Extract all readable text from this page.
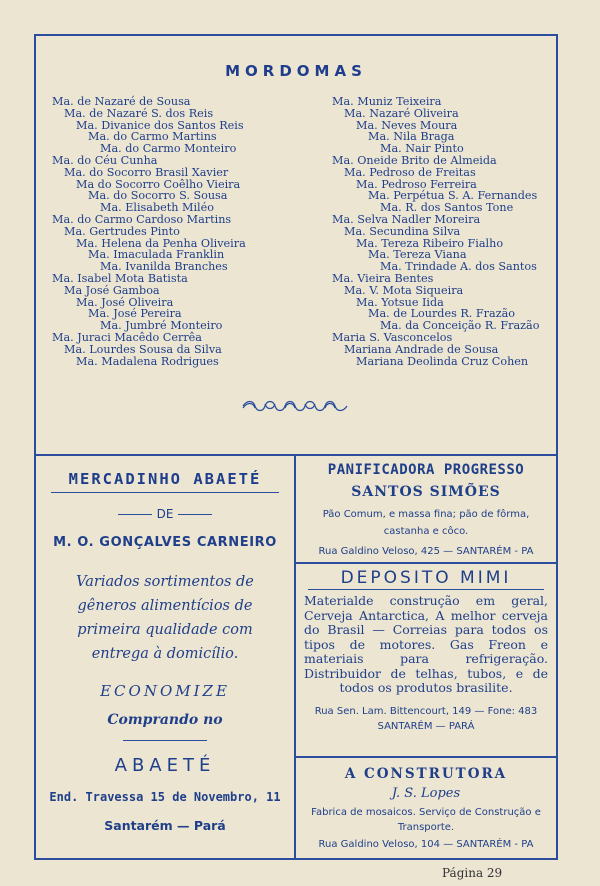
MORDOMAS
Ma. de Nazaré de Sousa
Ma. de Nazaré S. dos Reis
Ma. Divanice dos Santos Reis
Ma. do Carmo Martins
Ma. do Carmo Monteiro
Ma. do Céu Cunha
Ma. do Socorro Brasil Xavier
Ma do Socorro Coêlho Vieira
Ma. do Socorro S. Sousa
Ma. Elisabeth Miléo
Ma. do Carmo Cardoso Martins
Ma. Gertrudes Pinto
Ma. Helena da Penha Oliveira
Ma. Imaculada Franklin
Ma. Ivanilda Branches
Ma. Isabel Mota Batista
Ma José Gamboa
Ma. José Oliveira
Ma. José Pereira
Ma. Jumbré Monteiro
Ma. Juraci Macêdo Cerrêa
Ma. Lourdes Sousa da Silva
Ma. Madalena Rodrigues
Ma. Muniz Teixeira
Ma. Nazaré Oliveira
Ma. Neves Moura
Ma. Nila Braga
Ma. Nair Pinto
Ma. Oneide Brito de Almeida
Ma. Pedroso de Freitas
Ma. Pedroso Ferreira
Ma. Perpétua S. A. Fernandes
Ma. R. dos Santos Tone
Ma. Selva Nadler Moreira
Ma. Secundina Silva
Ma. Tereza Ribeiro Fialho
Ma. Tereza Viana
Ma. Trindade A. dos Santos
Ma. Vieira Bentes
Ma. V. Mota Siqueira
Ma. Yotsue Iida
Ma. de Lourdes R. Frazão
Ma. da Conceição R. Frazão
Maria S. Vasconcelos
Mariana Andrade de Sousa
Mariana Deolinda Cruz Cohen
MERCADINHO ABAETÉ
DE
M. O. GONÇALVES CARNEIRO
Variados sortimentos de gêneros alimentícios de primeira qualidade com entrega à domicílio.
ECONOMIZE
Comprando no
ABAETÉ
End. Travessa 15 de Novembro, 11
Santarém — Pará
PANIFICADORA PROGRESSO
SANTOS SIMÕES
Pão Comum, e massa fina; pão de fôrma, castanha e côco.
Rua Galdino Veloso, 425 — SANTARÉM - PA
DEPOSITO MIMI
Materialde construção em geral, Cerveja Antarctica, A melhor cerveja do Brasil — Correias para todos os tipos de motores. Gas Freon e materiais para refrigeração. Distribuidor de telhas, tubos, e de todos os produtos brasilite.
Rua Sen. Lam. Bittencourt, 149 — Fone: 483
SANTARÉM — PARÁ
A CONSTRUTORA
J. S. Lopes
Fabrica de mosaicos. Serviço de Construção e Transporte.
Rua Galdino Veloso, 104 — SANTARÉM - PA
Página 29
